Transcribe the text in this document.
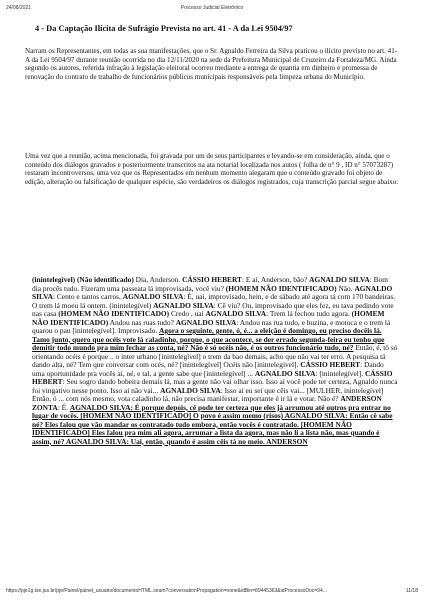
24/08/2021	Processo Judicial Eletrônico
4 - Da Captação Ilícita de Sufrágio Prevista no art. 41 - A da Lei 9504/97
Narram os Representantes, em todas as sua manifestações, que o Sr. Agnaldo Ferreira da Silva praticou o ilícito previsto no art. 41-A da Lei 9504/97 durante reunião ocorrida no dia 12/11/2020 na sede da Prefeitura Municipal de Cruzeiro da Fortaleza/MG. Ainda segundo os autores, referida infração à legislação eleitoral ocorreu mediante a entrega de quantia em dinheiro e promessa de renovação do contrato de trabalho de funcionários públicos municipais responsáveis pela limpeza urbana do Município.
Uma vez que a reunião, acima mencionada, foi gravada por um de seus participantes e levando-se em consideração, ainda, que o conteúdo dos diálogos gravados e posteriormente transcritos na ata notarial localizada nos autos ( folha de n° 9 , ID n° 57073287) restaram incontroversos, uma vez que os Representados em nenhum momento alegaram que o conteúdo gravado foi objeto de edição, alteração ou falsificação de qualquer espécie, são verdadeiros os diálogos registrados, cuja transcrição parcial segue abaixo:
(inintelegível) (Não identificado) Dia, Anderson. CÁSSIO HEBERT: E aí, Anderson, bão? AGNALDO SILVA: Bom dia procês tudo. Fizeram uma passeata lá improvisada, você viu? (HOMEM NÃO IDENTIFICADO) Não. AGNALDO SILVA: Cento e tantos carros. AGNALDO SILVA: É, uai, improvisado, hein, e de sábado até agora tá com 170 bandeiras. O trem lá moeu lá ontem. (inintelegível) AGNALDO SILVA: Cê viu? Ou, improvisado que eles fez, eu tava pedindo vote nas casa (HOMEM NÃO IDENTIFICADO) Credo , uai AGNALDO SILVA: Trem lá fechou tudo agora. (HOMEM NÃO IDENTIFICADO) Andou nas ruas tudo? AGNALDO SILVA: Andou nas rua tudo, e buzina, e motoca e o trem lá quarou o pau [inintelegível]. Improvisado. Agora o seguinte, gente, ó, é... a eleição é domingo, eu preciso docêis lá. Tamo junto, quero que océis vote lá caladinho, porque, o que acontece, se der errado segunda-feira eu tenho que demitir todo mundo pra mim fechar as conta, né? Não é só océis não, é os outros funcionário tudo, né? Então, é, tô só orientando océis é porque .. o inter urbano [inintelegível] o trem da bao demais, acho que não vai ter erro. A pesquisa tá dando alta, né? Tem que conversar com océs, né? [inintelegível] Océis não [inintelegível]. CÁSSIO HEBERT: Dando uma oportunidade pra vocês aí, né, e tal, a gente sabe que [inintelegível] ... AGNALDO SILVA: [inintelegível]. CÁSSIO HEBERT: Seu sogro dando bobeira demais lá, mas a gente não vai olhar isso. Isso aí você pode ter certeza, Agnaldo nunca foi vingativo nesse ponto. Isso aí não vai... AGNALDO SILVA: Isso aí eu sei que cêis vai... [MULHER, inintelegível] Então, ó ... com nós mesmo, vota caladinho lá, não precisa manifestar, importante é ir lá e votar. Não é? ANDERSON ZONTA: É. AGNALDO SILVA: É porque depois, cê pode ter certeza que eles já arrumou até outros pra entrar no lugar de vocês. [HOMEM NÃO IDENTIFICADO] O povo é assim memo (risos) AGNALDO SILVA: Então cê sabe né? Eles falou que vão mandar os contratado tudo embora, então vocês é contratado. [HOMEM NÃO IDENTIFICADO] Eles falou pra mim ali agora, arrumar a lista da agora, mas não li a lista não, mas quando é assim, né? AGNALDO SILVA: Uai, então, quando é assim cêis tá no meio. ANDERSON
https://pje1g.tse.jus.br/pje/Painel/painel_usuario/documentoHTML.seam?conversationPropagation=none&idBin=89445363&idProcessoDoc=94...	11/18
